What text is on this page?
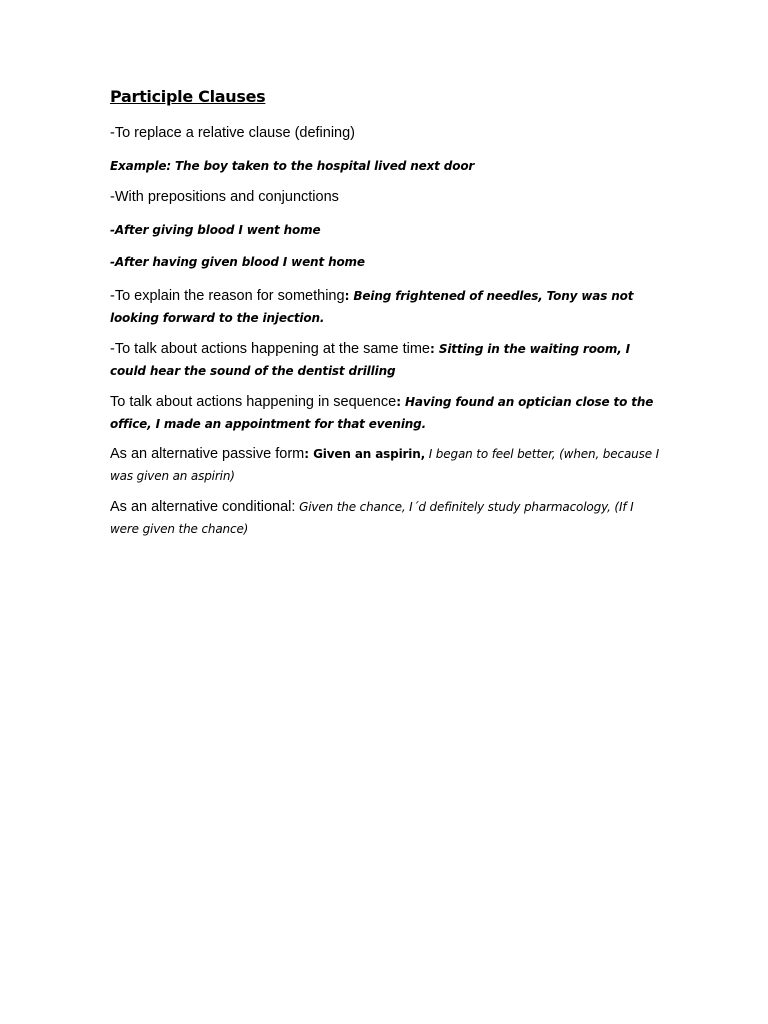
Participle Clauses
-To replace a relative clause (defining)
Example: The boy taken to the hospital lived next door
-With prepositions and conjunctions
-After giving blood I went home
-After having given blood I went home
-To explain the reason for something: Being frightened of needles, Tony was not looking forward to the injection.
-To talk about actions happening at the same time: Sitting in the waiting room, I could hear the sound of the dentist drilling
To talk about actions happening in sequence: Having found an optician close to the office, I made an appointment for that evening.
As an alternative passive form: Given an aspirin, I began to feel better, (when, because I was given an aspirin)
As an alternative conditional: Given the chance, I´d definitely study pharmacology, (If I were given the chance)
